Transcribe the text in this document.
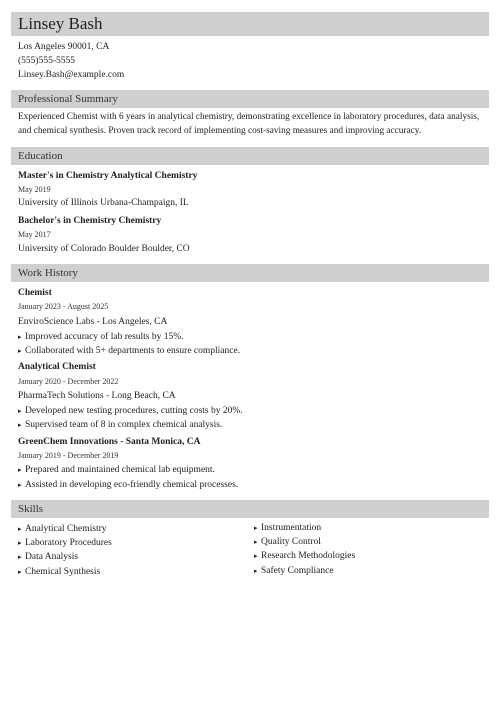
Linsey Bash
Los Angeles 90001, CA
(555)555-5555
Linsey.Bash@example.com
Professional Summary
Experienced Chemist with 6 years in analytical chemistry, demonstrating excellence in laboratory procedures, data analysis, and chemical synthesis. Proven track record of implementing cost-saving measures and improving accuracy.
Education
Master's in Chemistry Analytical Chemistry
May 2019
University of Illinois Urbana-Champaign, IL
Bachelor's in Chemistry Chemistry
May 2017
University of Colorado Boulder Boulder, CO
Work History
Chemist
January 2023 - August 2025
EnviroScience Labs - Los Angeles, CA
▸ Improved accuracy of lab results by 15%.
▸ Collaborated with 5+ departments to ensure compliance.
Analytical Chemist
January 2020 - December 2022
PharmaTech Solutions - Long Beach, CA
▸ Developed new testing procedures, cutting costs by 20%.
▸ Supervised team of 8 in complex chemical analysis.
GreenChem Innovations - Santa Monica, CA
January 2019 - December 2019
▸ Prepared and maintained chemical lab equipment.
▸ Assisted in developing eco-friendly chemical processes.
Skills
▸ Analytical Chemistry
▸ Laboratory Procedures
▸ Data Analysis
▸ Chemical Synthesis
▸ Instrumentation
▸ Quality Control
▸ Research Methodologies
▸ Safety Compliance
